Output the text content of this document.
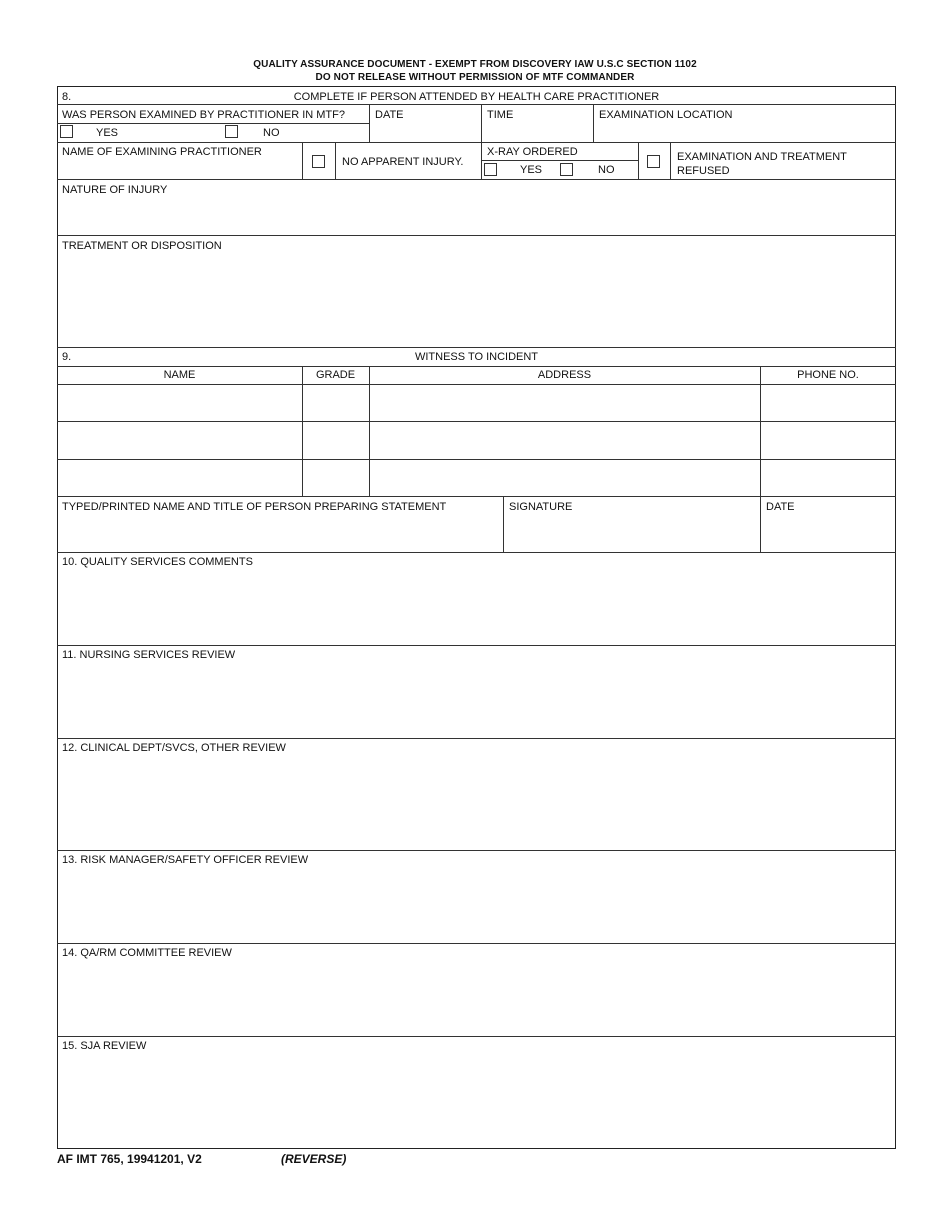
QUALITY ASSURANCE DOCUMENT - EXEMPT FROM DISCOVERY IAW U.S.C SECTION 1102
DO NOT RELEASE WITHOUT PERMISSION OF MTF COMMANDER
8.	COMPLETE IF PERSON ATTENDED BY HEALTH CARE PRACTITIONER
WAS PERSON EXAMINED BY PRACTITIONER IN MTF?
YES	NO
DATE	TIME	EXAMINATION LOCATION
NAME OF EXAMINING PRACTITIONER
NO APPARENT INJURY.
X-RAY ORDERED
YES	NO
EXAMINATION AND TREATMENT
REFUSED
NATURE OF INJURY
TREATMENT OR DISPOSITION
9.	WITNESS TO INCIDENT
NAME	GRADE	ADDRESS	PHONE NO.
TYPED/PRINTED NAME AND TITLE OF PERSON PREPARING STATEMENT	SIGNATURE	DATE
10. QUALITY SERVICES COMMENTS
11. NURSING SERVICES REVIEW
12. CLINICAL DEPT/SVCS, OTHER REVIEW
13. RISK MANAGER/SAFETY OFFICER REVIEW
14. QA/RM COMMITTEE REVIEW
15. SJA REVIEW
AF IMT 765, 19941201, V2	(REVERSE)
